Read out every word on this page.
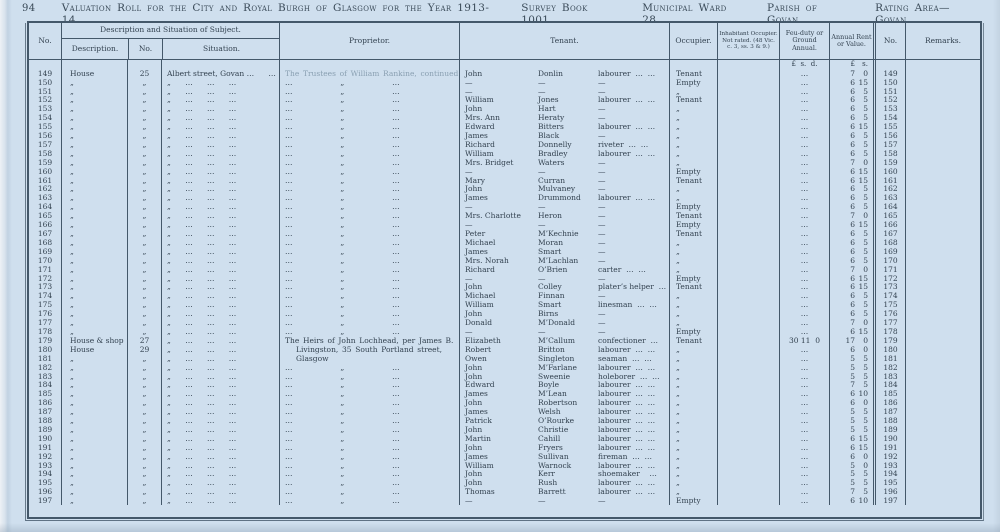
94	Valuation Roll for the City and Royal Burgh of Glasgow for the Year 1913-14.
Survey Book 1001.
Municipal Ward 28.
Parish of Govan.
Rating Area—Govan.
No.
Description and Situation of Subject.
Description.	No.	Situation.
Proprietor.	Tenant.	Occupier.
Inhabitant Occupier. Not rated. (48 Vic. c. 3, ss. 3 & 9.)
Feu-duty or Ground Annual.
Annual Rent or Value.	No.	Remarks.
£  s.  d.	£	s.
149	House	25	Albert street, Govan …      …	The Trustees of William Rankine, continued John	Donlin	labourer  …  …	Tenant	…	7	0	149
150	„	„	„      …      …      …	…             „             …	—	—	—	Empty	…	6 15	150
151	„	„	„      …      …      …	…             „             …	—	—	—	„	…	6	5	151
152	„	„	„      …      …      …	…             „             …	William	Jones	labourer  …  …	Tenant	…	6	5	152
153	„	„	„      …      …      …	…             „             …	John	Hart	—	„	…	6	5	153
154	„	„	„      …      …      …	…             „             …	Mrs. Ann	Heraty	—	„	…	6	5	154
155	„	„	„      …      …      …	…             „             …	Edward	Bitters	labourer  …  …	„	…	6 15	155
156	„	„	„      …      …      …	…             „             …	James	Black	—	„	…	6	5	156
157	„	„	„      …      …      …	…             „             …	Richard	Donnelly	riveter  …  …	„	…	6	5	157
158	„	„	„      …      …      …	…             „             …	William	Bradley	labourer  …  …	„	…	6	5	158
159	„	„	„      …      …      …	…             „             …	Mrs. Bridget	Waters	—	„	…	7	0	159
160	„	„	„      …      …      …	…             „             …	—	—	—	Empty	…	6 15	160
161	„	„	„      …      …      …	…             „             …	Mary	Curran	—	Tenant	…	6 15	161
162	„	„	„      …      …      …	…             „             …	John	Mulvaney	—	„	…	6	5	162
163	„	„	„      …      …      …	…             „             …	James	Drummond	labourer  …  …	„	…	6	5	163
164	„	„	„      …      …      …	…             „             …	—	—	—	Empty	…	6	5	164
165	„	„	„      …      …      …	…             „             …	Mrs. Charlotte	Heron	—	Tenant	…	7	0	165
166	„	„	„      …      …      …	…             „             …	—	—	—	Empty	…	6 15	166
167	„	„	„      …      …      …	…             „             …	Peter	M’Kechnie	—	Tenant	…	6	5	167
168	„	„	„      …      …      …	…             „             …	Michael	Moran	—	„	…	6	5	168
169	„	„	„      …      …      …	…             „             …	James	Smart	—	„	…	6	5	169
170	„	„	„      …      …      …	…             „             …	Mrs. Norah	M’Lachlan	—	„	…	6	5	170
171	„	„	„      …      …      …	…             „             …	Richard	O’Brien	carter  …  …	„	…	7	0	171
172	„	„	„      …      …      …	…             „             …	—	—	—	Empty	…	6 15	172
173	„	„	„      …      …      …	…             „             …	John	Colley	plater’s helper  …	Tenant	…	6 15	173
174	„	„	„      …      …      …	…             „             …	Michael	Finnan	—	„	…	6	5	174
175	„	„	„      …      …      …	…             „             …	William	Smart	linesman  …  …	„	…	6	5	175
176	„	„	„      …      …      …	…             „             …	John	Birns	—	„	…	6	5	176
177	„	„	„      …      …      …	…             „             …	Donald	M’Donald	—	„	…	7	0	177
178	„	„	„      …      …      …	…             „             …	—	—	—	Empty	…	6 15	178
179	House & shop	27	„      …      …      …	The Heirs of John Lochhead, per James B.	Elizabeth	M’Callum	confectioner  …	Tenant	30 11  0	17	0	179
180	House	29	„      …      …      …	Livingston, 35 South Portland street,	Robert	Britton	labourer  …  …	„	…	6	0	180
181	„	„	„      …      …      …	Glasgow	Owen	Singleton	seaman  …  …	„	…	5	5	181
182	„	„	„      …      …      …	…             „             …	John	M’Farlane	labourer  …  …	„	…	5	5	182
183	„	„	„      …      …      …	…             „             …	John	Sweenie	holeborer  …  …	„	…	5	5	183
184	„	„	„      …      …      …	…             „             …	Edward	Boyle	labourer  …  …	„	…	7	5	184
185	„	„	„      …      …      …	…             „             …	James	M’Lean	labourer  …  …	„	…	6 10	185
186	„	„	„      …      …      …	…             „             …	John	Robertson	labourer  …  …	„	…	6	0	186
187	„	„	„      …      …      …	…             „             …	James	Welsh	labourer  …  …	„	…	5	5	187
188	„	„	„      …      …      …	…             „             …	Patrick	O’Rourke	labourer  …  …	„	…	5	5	188
189	„	„	„      …      …      …	…             „             …	John	Christie	labourer  …  …	„	…	5	5	189
190	„	„	„      …      …      …	…             „             …	Martin	Cahill	labourer  …  …	„	…	6 15	190
191	„	„	„      …      …      …	…             „             …	John	Fryers	labourer  …  …	„	…	6 15	191
192	„	„	„      …      …      …	…             „             …	James	Sullivan	fireman  …  …	„	…	6	0	192
193	„	„	„      …      …      …	…             „             …	William	Warnock	labourer  …  …	„	…	5	0	193
194	„	„	„      …      …      …	…             „             …	John	Kerr	shoemaker    …	„	…	5	5	194
195	„	„	„      …      …      …	…             „             …	John	Rush	labourer  …  …	„	…	5	5	195
196	„	„	„      …      …      …	…             „             …	Thomas	Barrett	labourer  …  …	„	…	7	5	196
197	„	„	„      …      …      …	…             „             …	—	—	—	Empty	…	6 10	197
